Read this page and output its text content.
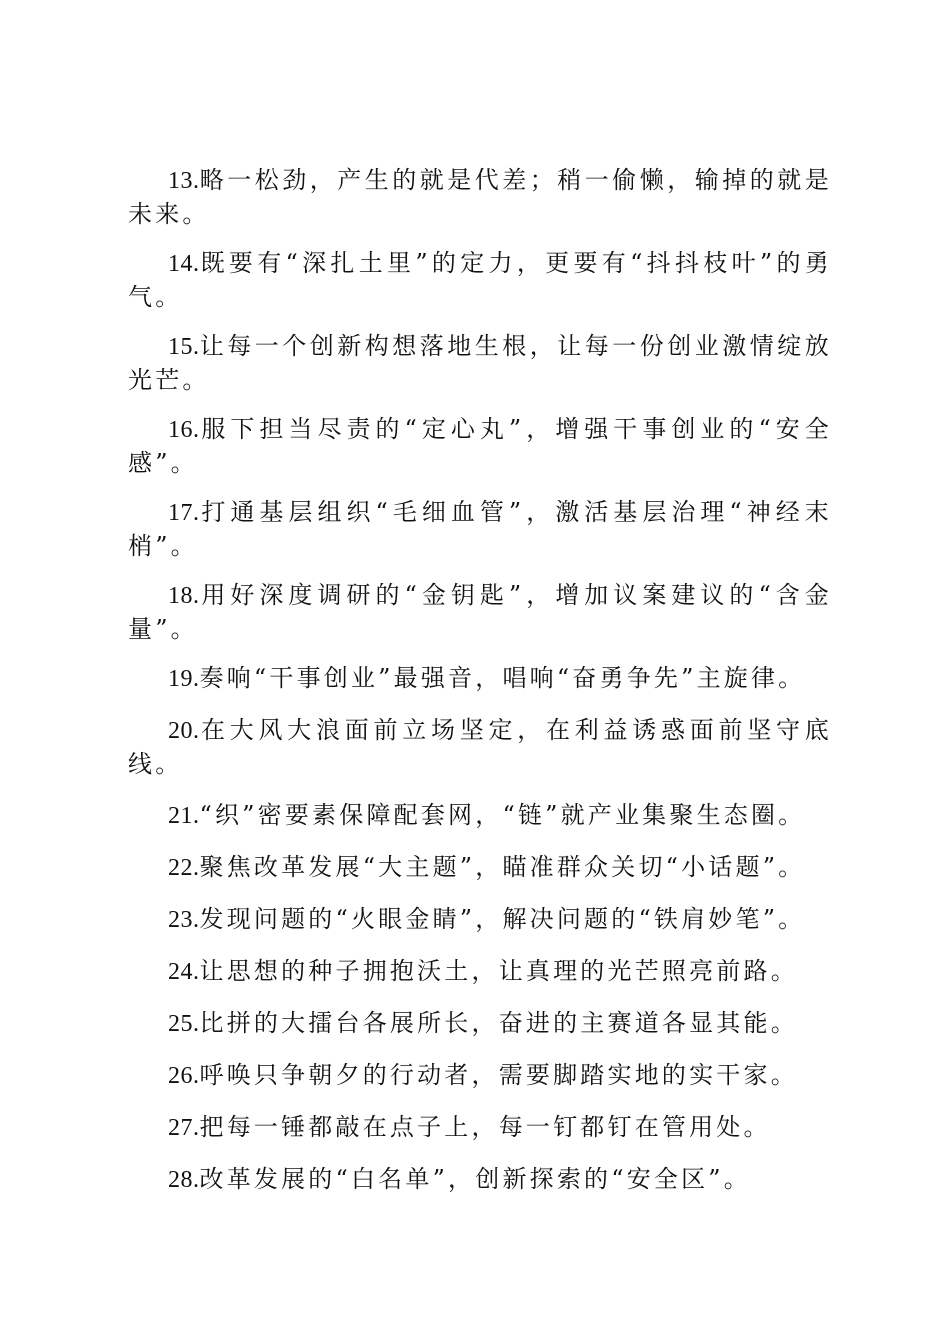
13.略一松劲，产生的就是代差；稍一偷懒，输掉的就是未来。

14.既要有“深扎土里”的定力，更要有“抖抖枝叶”的勇气。

15.让每一个创新构想落地生根，让每一份创业激情绽放光芒。

16.服下担当尽责的“定心丸”，增强干事创业的“安全感”。

17.打通基层组织“毛细血管”，激活基层治理“神经末梢”。

18.用好深度调研的“金钥匙”，增加议案建议的“含金量”。

19.奏响“干事创业”最强音，唱响“奋勇争先”主旋律。

20.在大风大浪面前立场坚定，在利益诱惑面前坚守底线。

21.“织”密要素保障配套网，“链”就产业集聚生态圈。

22.聚焦改革发展“大主题”，瞄准群众关切“小话题”。

23.发现问题的“火眼金睛”，解决问题的“铁肩妙笔”。

24.让思想的种子拥抱沃土，让真理的光芒照亮前路。

25.比拼的大擂台各展所长，奋进的主赛道各显其能。

26.呼唤只争朝夕的行动者，需要脚踏实地的实干家。

27.把每一锤都敲在点子上，每一钉都钉在管用处。

28.改革发展的“白名单”，创新探索的“安全区”。
